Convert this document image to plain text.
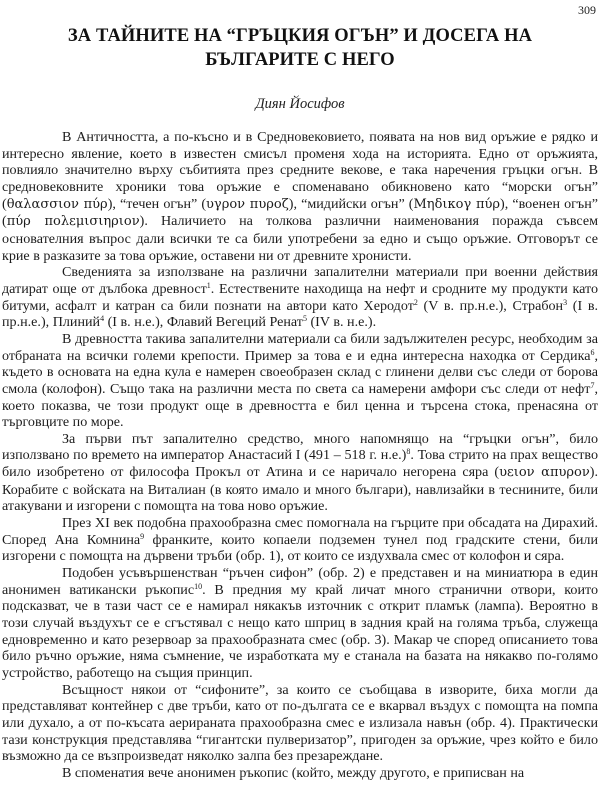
309
ЗА ТАЙНИТЕ НА “ГРЪЦКИЯ ОГЪН” И ДОСЕГА НА
БЪЛГАРИТЕ С НЕГО
Диян Йосифов

В Античността, а по-късно и в Средновековието, появата на нов вид оръжие е рядко и интересно явление, което в известен смисъл променя хода на историята. Едно от оръжията, повлияло значително върху събитията през средните векове, е така наречения гръцки огън. В средновековните хроники това оръжие е споменавано обикновено като “морски огън” (θαλασσιον πύρ), “течен огън” (υγρον πυροζ), “мидийски огън” (Μηδικογ πύρ), “военен огън” (πύρ πολεμισιηριον). Наличието на толкова различни наименования поражда съвсем основателния въпрос дали всички те са били употребени за едно и също оръжие. Отговорът се крие в разказите за това оръжие, оставени ни от древните хронисти.

Сведенията за използване на различни запалителни материали при военни действия датират още от дълбока древност$^1$. Естествените находища на нефт и сродните му продукти като битуми, асфалт и катран са били познати на автори като Херодот$^2$ (V в. пр.н.е.), Страбон$^3$ (I в. пр.н.е.), Плиний$^4$ (I в. н.е.), Флавий Вегеций Ренат$^5$ (IV в. н.е.).

В древността такива запалителни материали са били задължителен ресурс, необходим за отбраната на всички големи крепости. Пример за това е и една интересна находка от Сердика$^6$, където в основата на една кула е намерен своеобразен склад с глинени делви със следи от борова смола (колофон). Също така на различни места по света са намерени амфори със следи от нефт$^7$, което показва, че този продукт още в древността е бил ценна и търсена стока, пренасяна от търговците по море.

За първи път запалително средство, много напомнящо на “гръцки огън”, било използвано по времето на император Анастасий I (491 – 518 г. н.е.)$^8$. Това стрито на прах вещество било изобретено от философа Прокъл от Атина и се наричало негорена сяра (υειον απυρον). Корабите с войската на Виталиан (в която имало и много българи), навлизайки в теснините, били атакувани и изгорени с помощта на това ново оръжие.

През XI век подобна прахообразна смес помогнала на гърците при обсадата на Дирахий. Според Ана Комнина$^9$ франките, които копаели подземен тунел под градските стени, били изгорени с помощта на дървени тръби (обр. 1), от които се издухвала смес от колофон и сяра.

Подобен усъвършенстван “ръчен сифон” (обр. 2) е представен и на миниатюра в един анонимен ватикански ръкопис$^{10}$. В предния му край личат много странични отвори, които подсказват, че в тази част се е намирал някакъв източник с открит пламък (лампа). Вероятно в този случай въздухът се е сгъстявал с нещо като шприц в задния край на голяма тръба, служеща едновременно и като резервоар за прахообразната смес (обр. 3). Макар че според описанието това било ръчно оръжие, няма съмнение, че изработката му е станала на базата на някакво по-голямо устройство, работещо на същия принцип.

Всъщност някои от “сифоните”, за които се съобщава в изворите, биха могли да представляват контейнер с две тръби, като от по-дългата се е вкарвал въздух с помощта на помпа или духало, а от по-късата аерираната прахообразна смес е излизала навън (обр. 4). Практически тази конструкция представлява “гигантски пулверизатор”, пригоден за оръжие, чрез който е било възможно да се възпроизведат няколко залпа без презареждане.

В споменатия вече анонимен ръкопис (който, между другото, е приписван на
